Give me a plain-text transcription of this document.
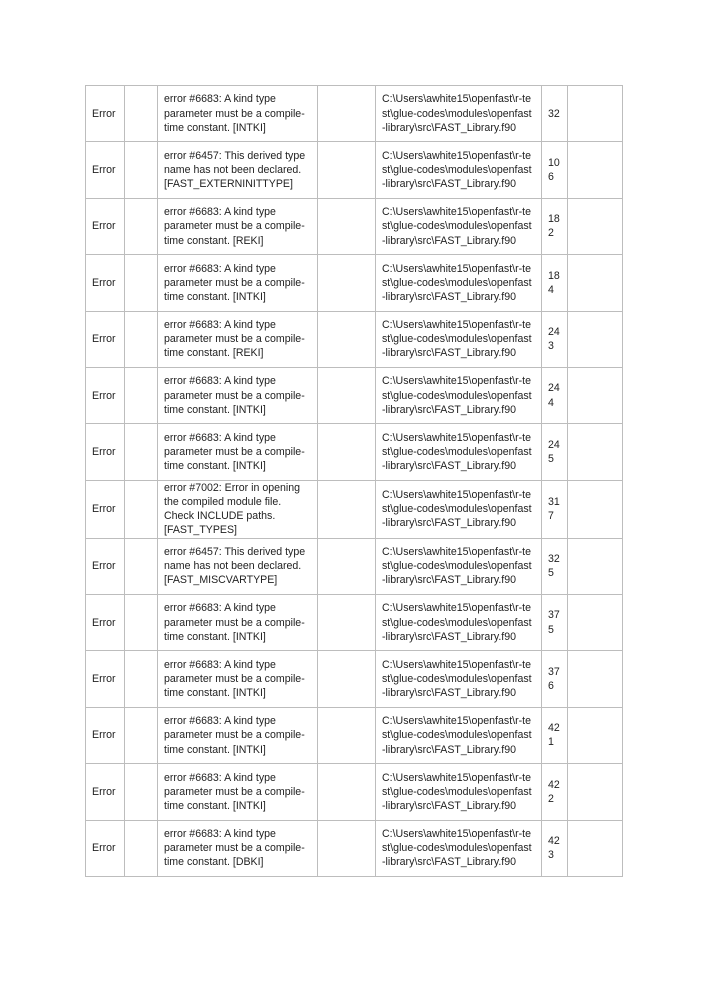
Error		error #6683: A kind type parameter must be a compile-time constant. [INTKI]		C:\Users\awhite15\openfast\r-test\glue-codes\modules\openfast-library\src\FAST_Library.f90	32	
Error		error #6457: This derived type name has not been declared. [FAST_EXTERNINITTYPE]		C:\Users\awhite15\openfast\r-test\glue-codes\modules\openfast-library\src\FAST_Library.f90	106	
Error		error #6683: A kind type parameter must be a compile-time constant. [REKI]		C:\Users\awhite15\openfast\r-test\glue-codes\modules\openfast-library\src\FAST_Library.f90	182	
Error		error #6683: A kind type parameter must be a compile-time constant. [INTKI]		C:\Users\awhite15\openfast\r-test\glue-codes\modules\openfast-library\src\FAST_Library.f90	184	
Error		error #6683: A kind type parameter must be a compile-time constant. [REKI]		C:\Users\awhite15\openfast\r-test\glue-codes\modules\openfast-library\src\FAST_Library.f90	243	
Error		error #6683: A kind type parameter must be a compile-time constant. [INTKI]		C:\Users\awhite15\openfast\r-test\glue-codes\modules\openfast-library\src\FAST_Library.f90	244	
Error		error #6683: A kind type parameter must be a compile-time constant. [INTKI]		C:\Users\awhite15\openfast\r-test\glue-codes\modules\openfast-library\src\FAST_Library.f90	245	
Error		error #7002: Error in opening the compiled module file. Check INCLUDE paths. [FAST_TYPES]		C:\Users\awhite15\openfast\r-test\glue-codes\modules\openfast-library\src\FAST_Library.f90	317	
Error		error #6457: This derived type name has not been declared. [FAST_MISCVARTYPE]		C:\Users\awhite15\openfast\r-test\glue-codes\modules\openfast-library\src\FAST_Library.f90	325	
Error		error #6683: A kind type parameter must be a compile-time constant. [INTKI]		C:\Users\awhite15\openfast\r-test\glue-codes\modules\openfast-library\src\FAST_Library.f90	375	
Error		error #6683: A kind type parameter must be a compile-time constant. [INTKI]		C:\Users\awhite15\openfast\r-test\glue-codes\modules\openfast-library\src\FAST_Library.f90	376	
Error		error #6683: A kind type parameter must be a compile-time constant. [INTKI]		C:\Users\awhite15\openfast\r-test\glue-codes\modules\openfast-library\src\FAST_Library.f90	421	
Error		error #6683: A kind type parameter must be a compile-time constant. [INTKI]		C:\Users\awhite15\openfast\r-test\glue-codes\modules\openfast-library\src\FAST_Library.f90	422	
Error		error #6683: A kind type parameter must be a compile-time constant. [DBKI]		C:\Users\awhite15\openfast\r-test\glue-codes\modules\openfast-library\src\FAST_Library.f90	423	
